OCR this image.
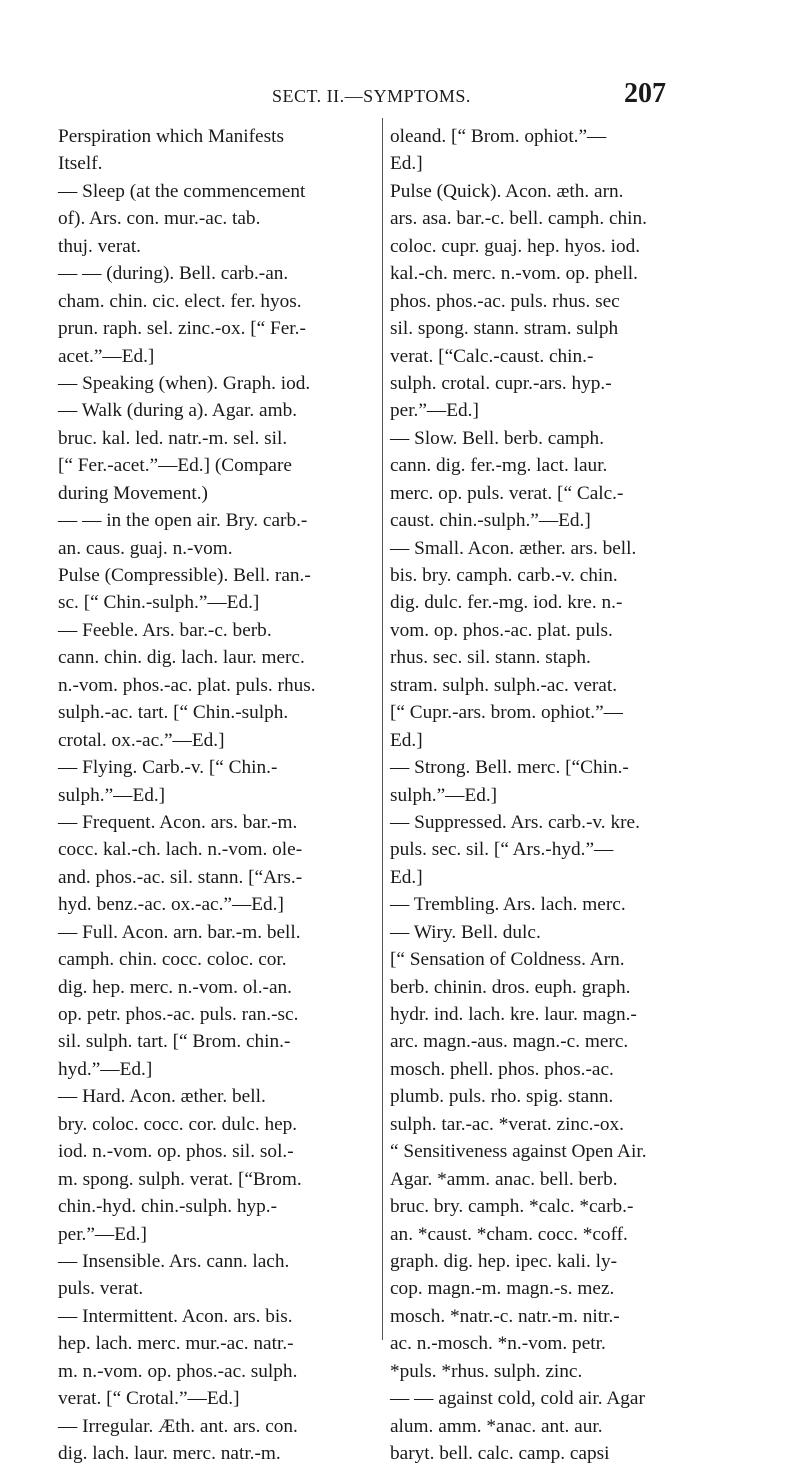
SECT. II.—SYMPTOMS.	207
Perspiration which Manifests
Itself.
— Sleep (at the commencement
of). Ars. con. mur.-ac. tab.
thuj. verat.
— — (during). Bell. carb.-an.
cham. chin. cic. elect. fer. hyos.
prun. raph. sel. zinc.-ox. [“ Fer.-
acet.”—Ed.]
— Speaking (when). Graph. iod.
— Walk (during a). Agar. amb.
bruc. kal. led. natr.-m. sel. sil.
[“ Fer.-acet.”—Ed.] (Compare
during Movement.)
— — in the open air. Bry. carb.-
an. caus. guaj. n.-vom.
Pulse (Compressible). Bell. ran.-
sc. [“ Chin.-sulph.”—Ed.]
— Feeble. Ars. bar.-c. berb.
cann. chin. dig. lach. laur. merc.
n.-vom. phos.-ac. plat. puls. rhus.
sulph.-ac. tart. [“ Chin.-sulph.
crotal. ox.-ac.”—Ed.]
— Flying. Carb.-v. [“ Chin.-
sulph.”—Ed.]
— Frequent. Acon. ars. bar.-m.
cocc. kal.-ch. lach. n.-vom. ole-
and. phos.-ac. sil. stann. [“Ars.-
hyd. benz.-ac. ox.-ac.”—Ed.]
— Full. Acon. arn. bar.-m. bell.
camph. chin. cocc. coloc. cor.
dig. hep. merc. n.-vom. ol.-an.
op. petr. phos.-ac. puls. ran.-sc.
sil. sulph. tart. [“ Brom. chin.-
hyd.”—Ed.]
— Hard. Acon. æther. bell.
bry. coloc. cocc. cor. dulc. hep.
iod. n.-vom. op. phos. sil. sol.-
m. spong. sulph. verat. [“Brom.
chin.-hyd. chin.-sulph. hyp.-
per.”—Ed.]
— Insensible. Ars. cann. lach.
puls. verat.
— Intermittent. Acon. ars. bis.
hep. lach. merc. mur.-ac. natr.-
m. n.-vom. op. phos.-ac. sulph.
verat. [“ Crotal.”—Ed.]
— Irregular. Æth. ant. ars. con.
dig. lach. laur. merc. natr.-m.
oleand. [“ Brom. ophiot.”—
Ed.]
Pulse (Quick). Acon. æth. arn.
ars. asa. bar.-c. bell. camph. chin.
coloc. cupr. guaj. hep. hyos. iod.
kal.-ch. merc. n.-vom. op. phell.
phos. phos.-ac. puls. rhus. sec
sil. spong. stann. stram. sulph
verat. [“Calc.-caust. chin.-
sulph. crotal. cupr.-ars. hyp.-
per.”—Ed.]
— Slow. Bell. berb. camph.
cann. dig. fer.-mg. lact. laur.
merc. op. puls. verat. [“ Calc.-
caust. chin.-sulph.”—Ed.]
— Small. Acon. æther. ars. bell.
bis. bry. camph. carb.-v. chin.
dig. dulc. fer.-mg. iod. kre. n.-
vom. op. phos.-ac. plat. puls.
rhus. sec. sil. stann. staph.
stram. sulph. sulph.-ac. verat.
[“ Cupr.-ars. brom. ophiot.”—
Ed.]
— Strong. Bell. merc. [“Chin.-
sulph.”—Ed.]
— Suppressed. Ars. carb.-v. kre.
puls. sec. sil. [“ Ars.-hyd.”—
Ed.]
— Trembling. Ars. lach. merc.
— Wiry. Bell. dulc.
[“ Sensation of Coldness. Arn.
berb. chinin. dros. euph. graph.
hydr. ind. lach. kre. laur. magn.-
arc. magn.-aus. magn.-c. merc.
mosch. phell. phos. phos.-ac.
plumb. puls. rho. spig. stann.
sulph. tar.-ac. *verat. zinc.-ox.
“ Sensitiveness against Open Air.
Agar. *amm. anac. bell. berb.
bruc. bry. camph. *calc. *carb.-
an. *caust. *cham. cocc. *coff.
graph. dig. hep. ipec. kali. ly-
cop. magn.-m. magn.-s. mez.
mosch. *natr.-c. natr.-m. nitr.-
ac. n.-mosch. *n.-vom. petr.
*puls. *rhus. sulph. zinc.
— — against cold, cold air. Agar
alum. amm. *anac. ant. aur.
baryt. bell. calc. camp. capsi
